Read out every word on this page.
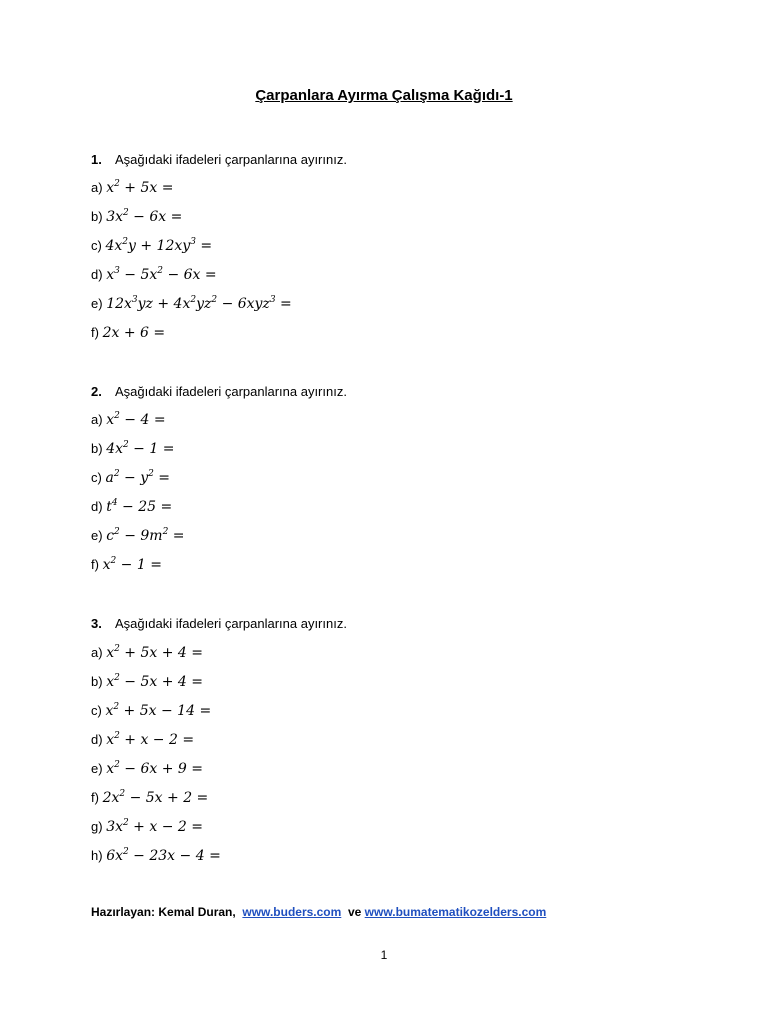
Çarpanlara Ayırma Çalışma Kağıdı-1
1. Aşağıdaki ifadeleri çarpanlarına ayırınız.
a) $x^2 + 5x$ =
b) $3x^2 - 6x$ =
c) $4x^2y + 12xy^3$ =
d) $x^3 - 5x^2 - 6x$ =
e) $12x^3yz + 4x^2yz^2 - 6xyz^3$ =
f) 2x + 6 =
2. Aşağıdaki ifadeleri çarpanlarına ayırınız.
a) $x^2 - 4$ =
b) $4x^2 - 1$ =
c) $a^2 - y^2$ =
d) $t^4 - 25$ =
e) $c^2 - 9m^2$ =
f) $x^2 - 1$ =
3. Aşağıdaki ifadeleri çarpanlarına ayırınız.
a) $x^2 + 5x + 4$ =
b) $x^2 - 5x + 4$ =
c) $x^2 + 5x - 14$ =
d) $x^2 + x - 2$ =
e) $x^2 - 6x + 9$ =
f) $2x^2 - 5x + 2$ =
g) $3x^2 + x - 2$ =
h) $6x^2 - 23x - 4$ =
Hazırlayan: Kemal Duran, www.buders.com ve www.bumatematikozelders.com
1
